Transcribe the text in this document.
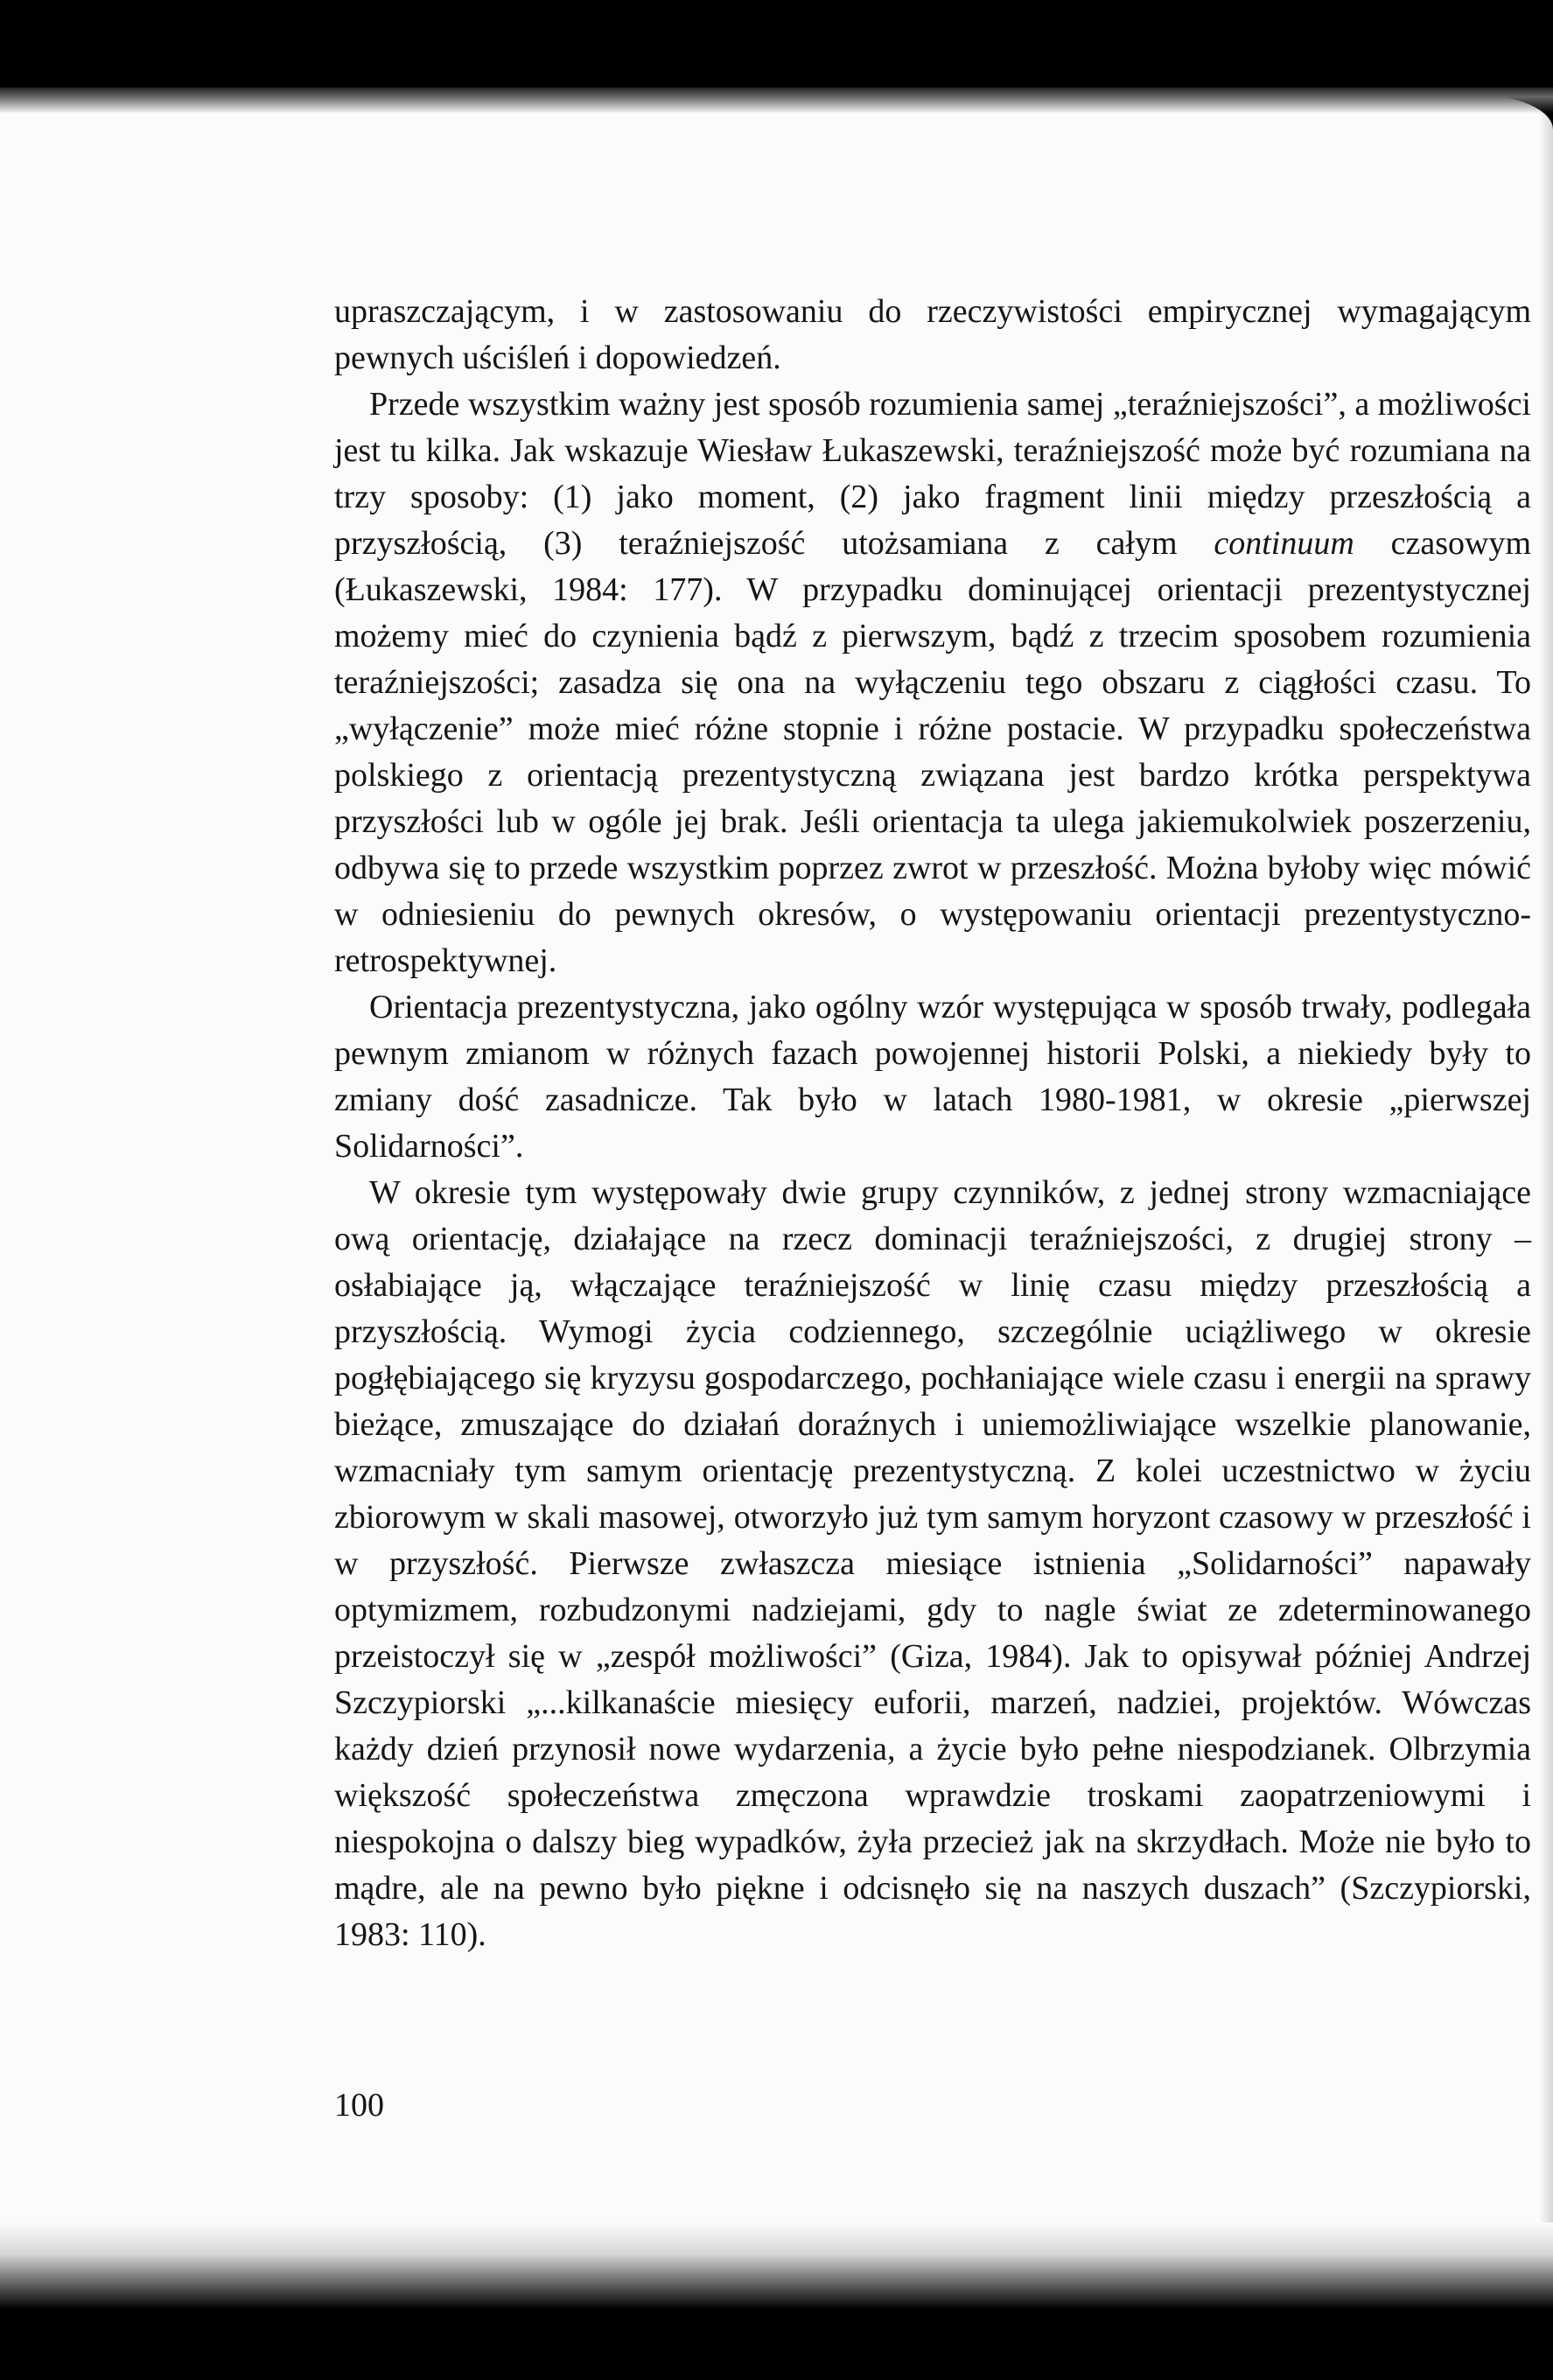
upraszczającym, i w zastosowaniu do rzeczywistości empirycznej wymagającym pewnych uściśleń i dopowiedzeń.

Przede wszystkim ważny jest sposób rozumienia samej „teraźniejszości”, a możliwości jest tu kilka. Jak wskazuje Wiesław Łukaszewski, teraźniejszość może być rozumiana na trzy sposoby: (1) jako moment, (2) jako fragment linii między przeszłością a przyszłością, (3) teraźniejszość utożsamiana z całym continuum czasowym (Łukaszewski, 1984: 177). W przypadku dominującej orientacji prezentystycznej możemy mieć do czynienia bądź z pierwszym, bądź z trzecim sposobem rozumienia teraźniejszości; zasadza się ona na wyłączeniu tego obszaru z ciągłości czasu. To „wyłączenie” może mieć różne stopnie i różne postacie. W przypadku społeczeństwa polskiego z orientacją prezentystyczną związana jest bardzo krótka perspektywa przyszłości lub w ogóle jej brak. Jeśli orientacja ta ulega jakiemukolwiek poszerzeniu, odbywa się to przede wszystkim poprzez zwrot w przeszłość. Można byłoby więc mówić w odniesieniu do pewnych okresów, o występowaniu orientacji prezentystyczno-retrospektywnej.

Orientacja prezentystyczna, jako ogólny wzór występująca w sposób trwały, podlegała pewnym zmianom w różnych fazach powojennej historii Polski, a niekiedy były to zmiany dość zasadnicze. Tak było w latach 1980-1981, w okresie „pierwszej Solidarności”.

W okresie tym występowały dwie grupy czynników, z jednej strony wzmacniające ową orientację, działające na rzecz dominacji teraźniejszości, z drugiej strony – osłabiające ją, włączające teraźniejszość w linię czasu między przeszłością a przyszłością. Wymogi życia codziennego, szczególnie uciążliwego w okresie pogłębiającego się kryzysu gospodarczego, pochłaniające wiele czasu i energii na sprawy bieżące, zmuszające do działań doraźnych i uniemożliwiające wszelkie planowanie, wzmacniały tym samym orientację prezentystyczną. Z kolei uczestnictwo w życiu zbiorowym w skali masowej, otworzyło już tym samym horyzont czasowy w przeszłość i w przyszłość. Pierwsze zwłaszcza miesiące istnienia „Solidarności” napawały optymizmem, rozbudzonymi nadziejami, gdy to nagle świat ze zdeterminowanego przeistoczył się w „zespół możliwości” (Giza, 1984). Jak to opisywał później Andrzej Szczypiorski „...kilkanaście miesięcy euforii, marzeń, nadziei, projektów. Wówczas każdy dzień przynosił nowe wydarzenia, a życie było pełne niespodzianek. Olbrzymia większość społeczeństwa zmęczona wprawdzie troskami zaopatrzeniowymi i niespokojna o dalszy bieg wypadków, żyła przecież jak na skrzydłach. Może nie było to mądre, ale na pewno było piękne i odcisnęło się na naszych duszach” (Szczypiorski, 1983: 110).

100
